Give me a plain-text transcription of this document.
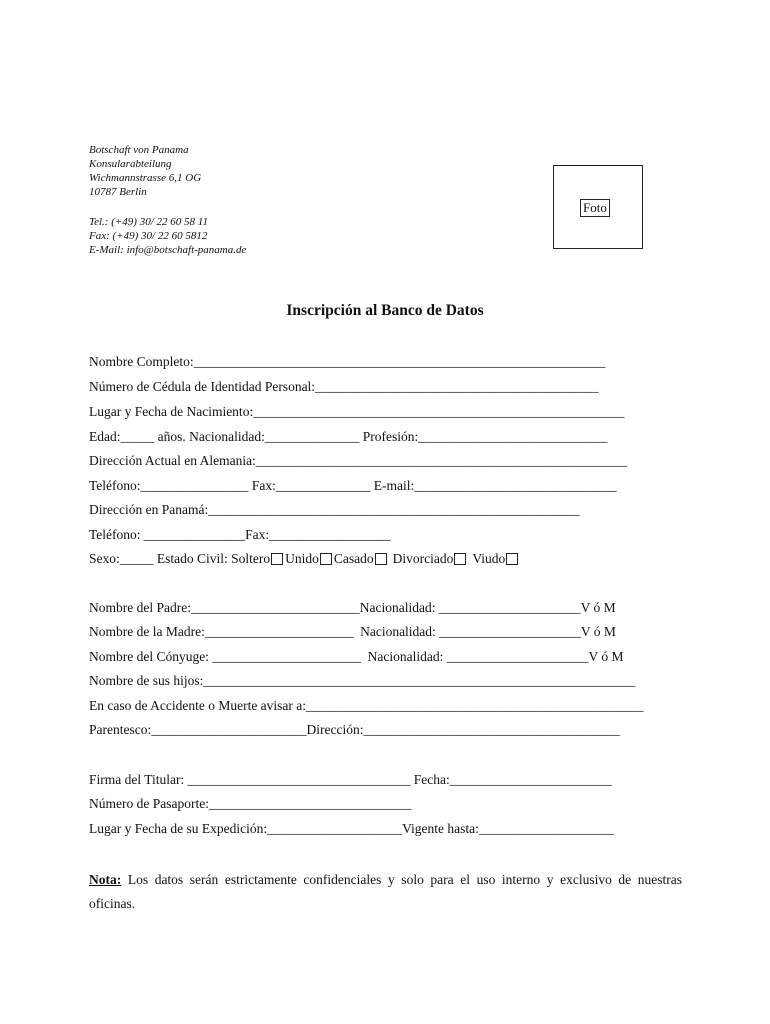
Botschaft von Panama
Konsularabteilung
Wichmannstrasse 6,1 OG
10787 Berlin
Tel.: (+49) 30/ 22 60 58 11
Fax: (+49) 30/ 22 60 5812
E-Mail: info@botschaft-panama.de
Foto
Inscripción al Banco de Datos
Nombre Completo:_____________________________________________________________
Número de Cédula de Identidad Personal:__________________________________________
Lugar y Fecha de Nacimiento:_______________________________________________________
Edad:_____ años. Nacionalidad:______________ Profesión:____________________________
Dirección Actual en Alemania:_______________________________________________________
Teléfono:________________ Fax:______________ E-mail:______________________________
Dirección en Panamá:_______________________________________________________
Teléfono: _______________Fax:__________________
Sexo:_____ Estado Civil: Soltero Unido Casado Divorciado Viudo
Nombre del Padre:_________________________Nacionalidad: _____________________V ó M
Nombre de la Madre:______________________  Nacionalidad: _____________________V ó M
Nombre del Cónyuge: ______________________  Nacionalidad: _____________________V ó M
Nombre de sus hijos:________________________________________________________________
En caso de Accidente o Muerte avisar a:__________________________________________________
Parentesco:_______________________Dirección:______________________________________
Firma del Titular: _________________________________ Fecha:________________________
Número de Pasaporte:______________________________
Lugar y Fecha de su Expedición:____________________Vigente hasta:____________________
Nota: Los datos serán estrictamente confidenciales y solo para el uso interno y exclusivo de nuestras oficinas.
